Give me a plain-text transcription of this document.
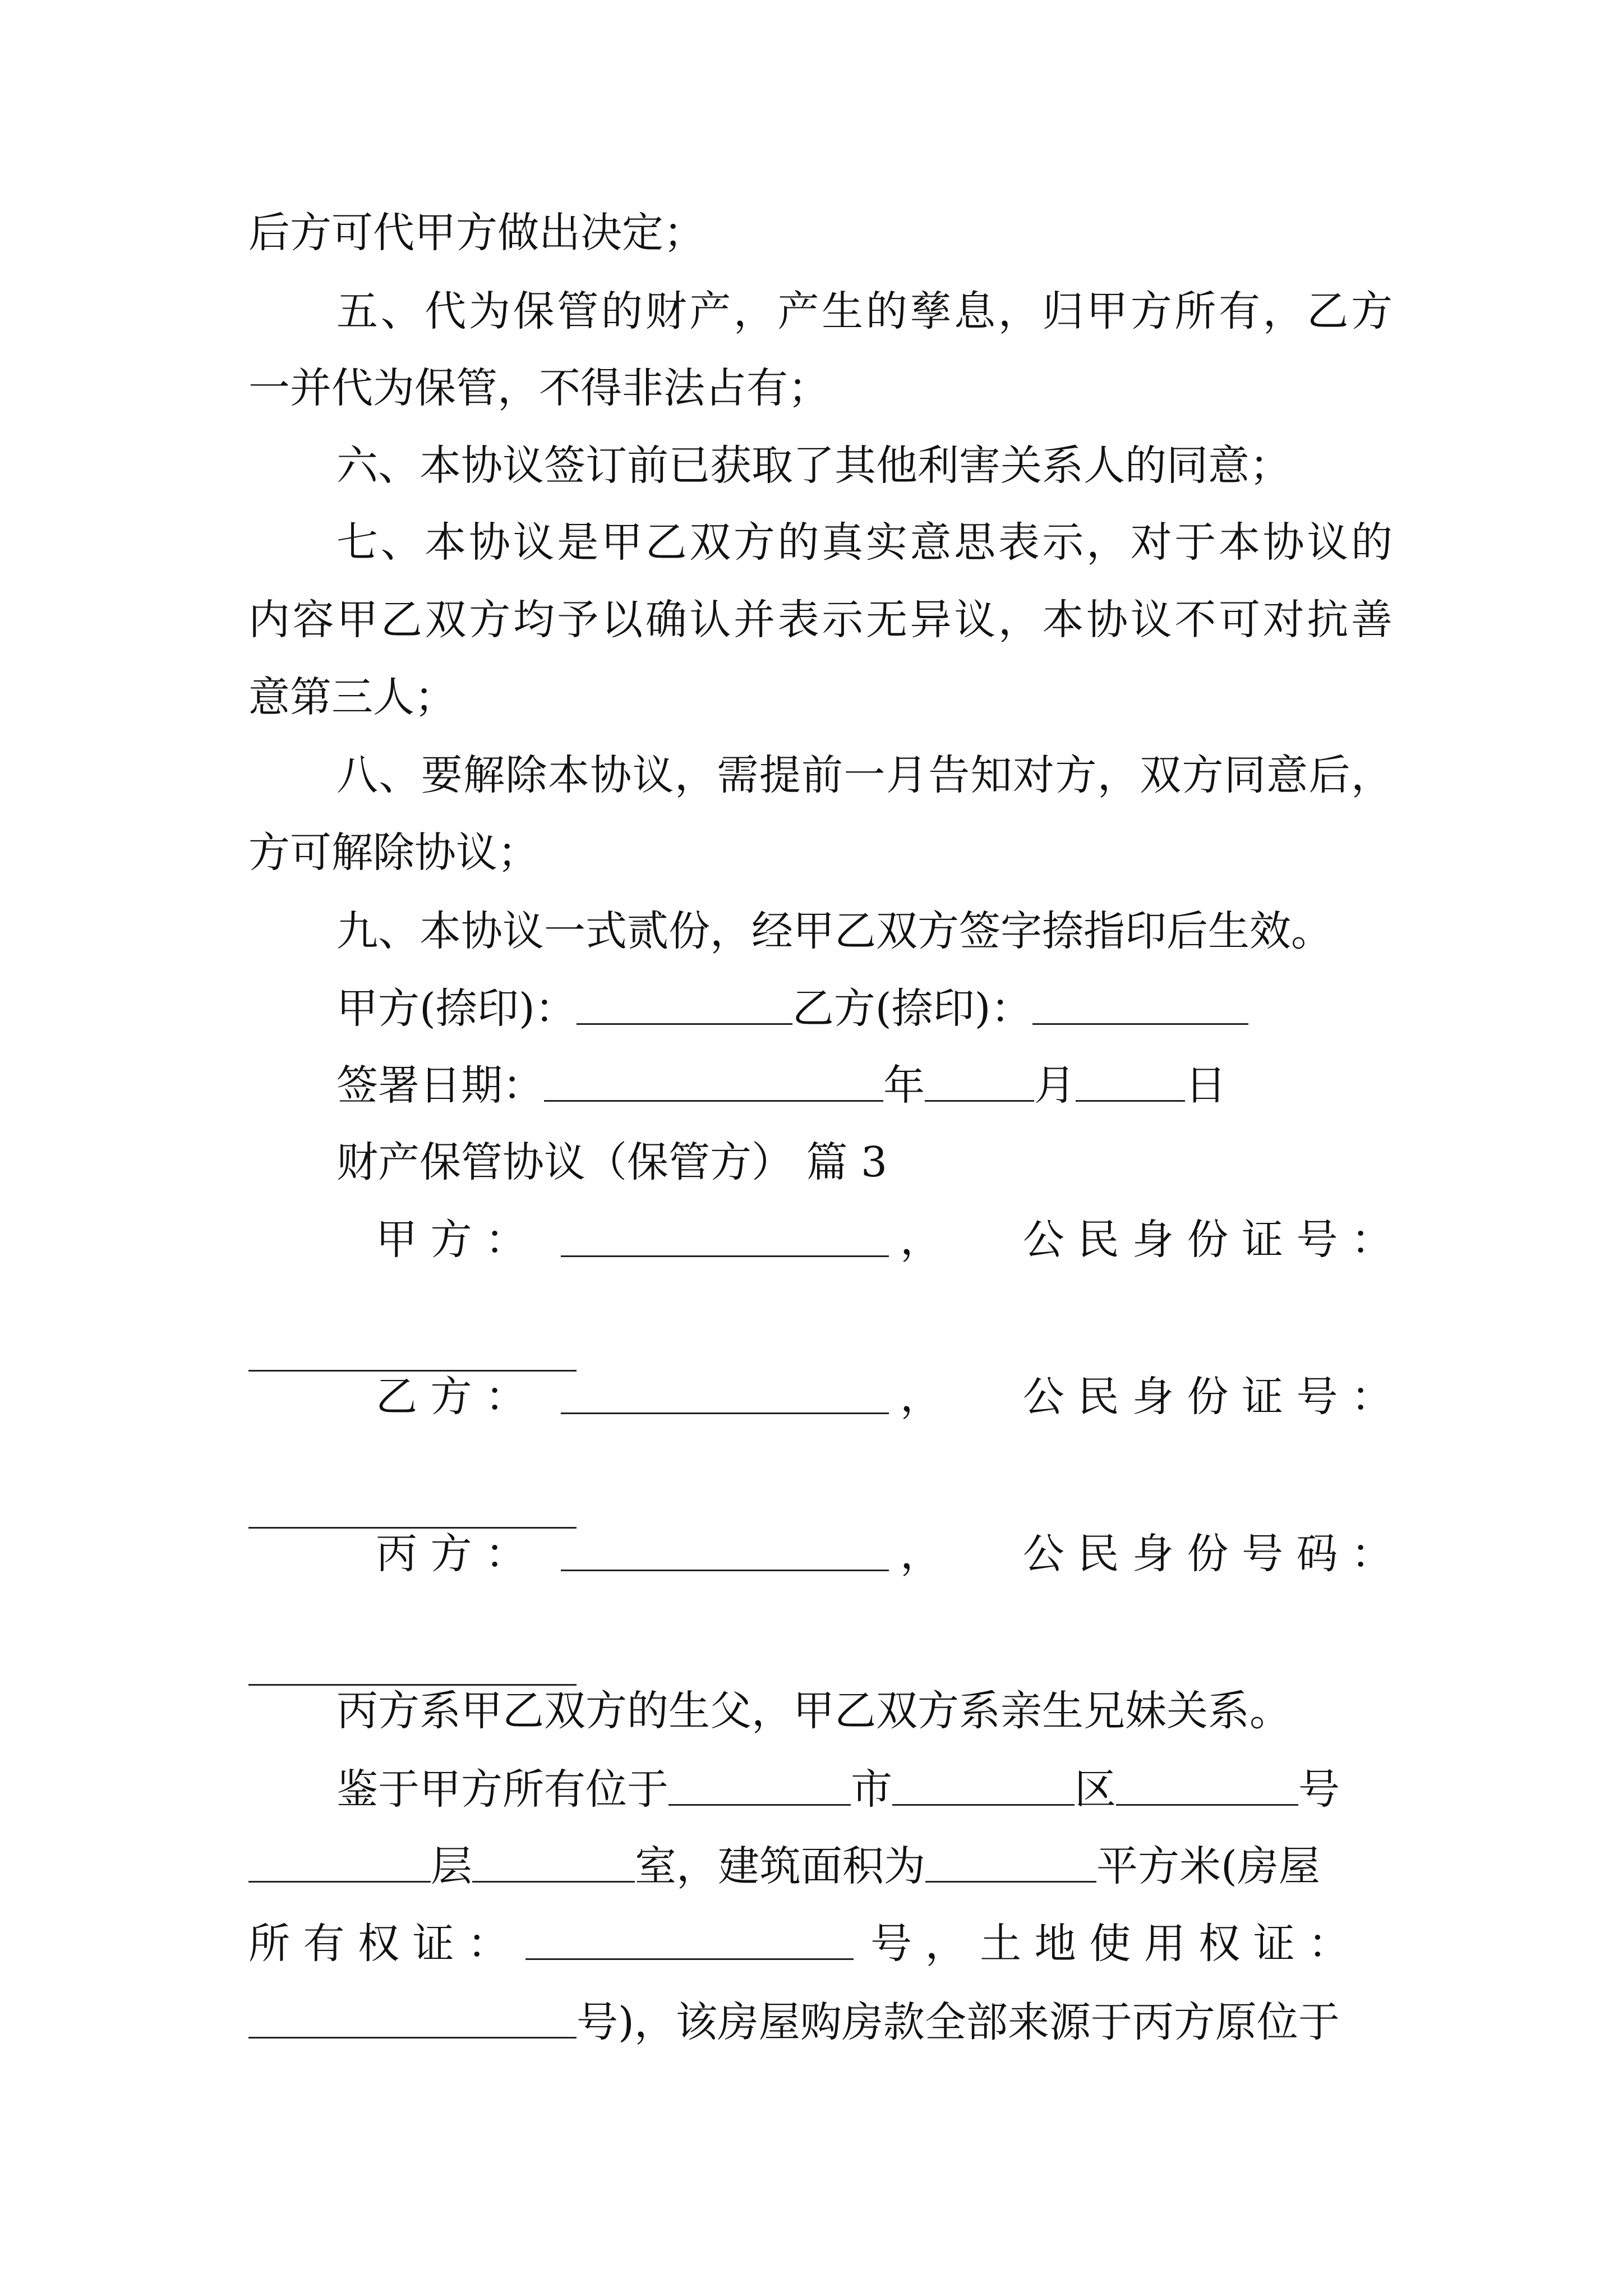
后方可代甲方做出决定；
五、代为保管的财产，产生的孳息，归甲方所有，乙方
一并代为保管，不得非法占有；
六、本协议签订前已获取了其他利害关系人的同意；
七、本协议是甲乙双方的真实意思表示，对于本协议的
内容甲乙双方均予以确认并表示无异议，本协议不可对抗善
意第三人；
八、要解除本协议，需提前一月告知对方，双方同意后，
方可解除协议；
九、本协议一式贰份，经甲乙双方签字捺指印后生效。
甲方(捺印)：	乙方(捺印)：
签署日期：	年	月	日
财产保管协议（保管方） 篇 3
甲 方 ：	， 公 民 身 份 证 号 ：
乙 方 ：	， 公 民 身 份 证 号 ：
丙 方 ：	， 公 民 身 份 号 码 ：
丙方系甲乙双方的生父，甲乙双方系亲生兄妹关系。
鉴于甲方所有位于	市	区	号
层	室，建筑面积为	平方米(房屋
所 有 权 证 ：	号 ， 土 地 使 用 权 证 ：
号)，该房屋购房款全部来源于丙方原位于
